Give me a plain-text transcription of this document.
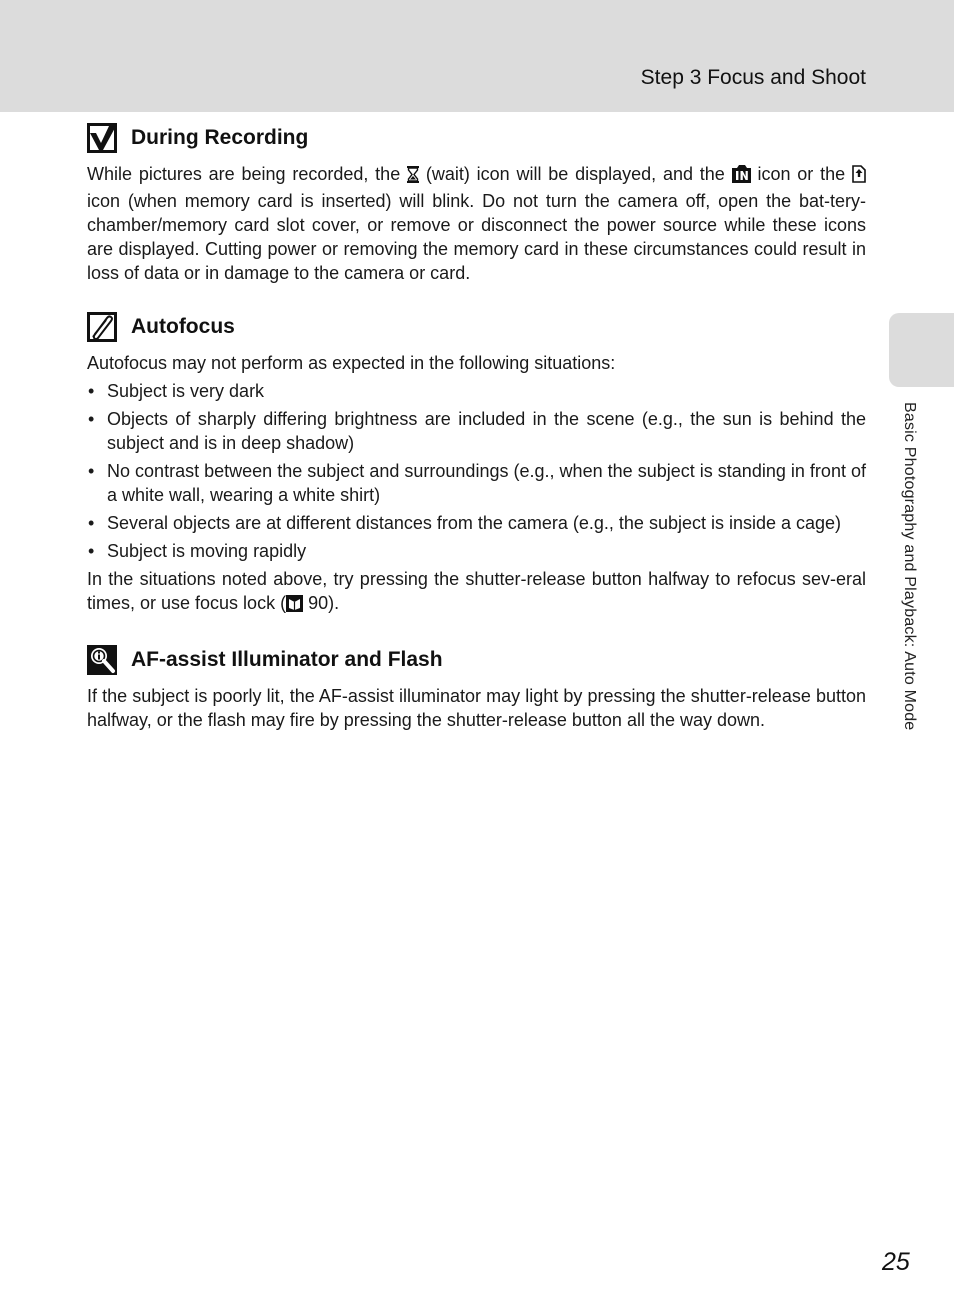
Step 3 Focus and Shoot
Basic Photography and Playback: Auto Mode
During Recording

While pictures are being recorded, the (wait) icon will be displayed, and the icon or the  icon (when memory card is inserted) will blink. Do not turn the camera off, open the bat-tery-chamber/memory card slot cover, or remove or disconnect the power source while these icons are displayed. Cutting power or removing the memory card in these circumstances could result in loss of data or in damage to the camera or card.

Autofocus

Autofocus may not perform as expected in the following situations:

• Subject is very dark
• Objects of sharply differing brightness are included in the scene (e.g., the sun is behind the subject and is in deep shadow)
• No contrast between the subject and surroundings (e.g., when the subject is standing in front of a white wall, wearing a white shirt)
• Several objects are at different distances from the camera (e.g., the subject is inside a cage)
• Subject is moving rapidly

In the situations noted above, try pressing the shutter-release button halfway to refocus sev-eral times, or use focus lock ( 90).

AF-assist Illuminator and Flash

If the subject is poorly lit, the AF-assist illuminator may light by pressing the shutter-release button halfway, or the flash may fire by pressing the shutter-release button all the way down.

25
